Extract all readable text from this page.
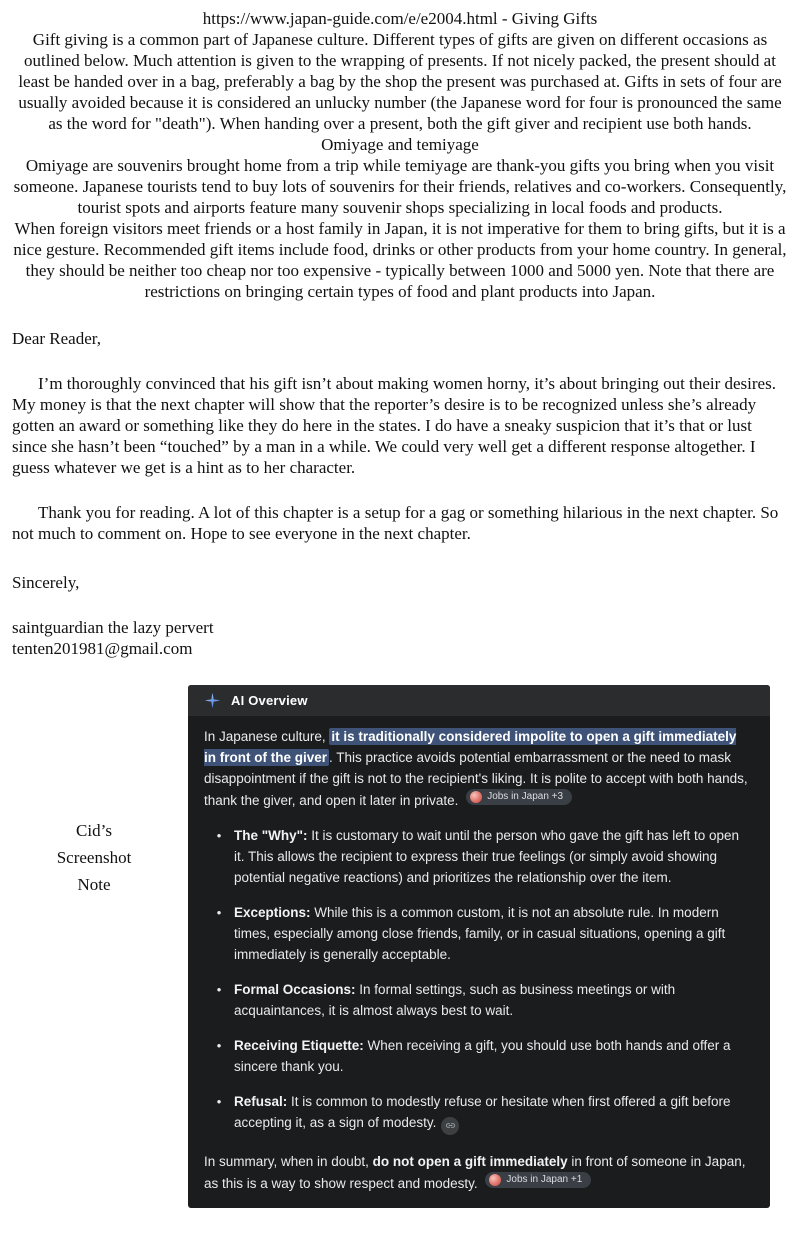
https://www.japan-guide.com/e/e2004.html - Giving Gifts
Gift giving is a common part of Japanese culture. Different types of gifts are given on different occasions as outlined below. Much attention is given to the wrapping of presents. If not nicely packed, the present should at least be handed over in a bag, preferably a bag by the shop the present was purchased at. Gifts in sets of four are usually avoided because it is considered an unlucky number (the Japanese word for four is pronounced the same as the word for "death"). When handing over a present, both the gift giver and recipient use both hands.
Omiyage and temiyage
Omiyage are souvenirs brought home from a trip while temiyage are thank-you gifts you bring when you visit someone. Japanese tourists tend to buy lots of souvenirs for their friends, relatives and co-workers. Consequently, tourist spots and airports feature many souvenir shops specializing in local foods and products.
When foreign visitors meet friends or a host family in Japan, it is not imperative for them to bring gifts, but it is a nice gesture. Recommended gift items include food, drinks or other products from your home country. In general, they should be neither too cheap nor too expensive - typically between 1000 and 5000 yen. Note that there are restrictions on bringing certain types of food and plant products into Japan.
Dear Reader,
I’m thoroughly convinced that his gift isn’t about making women horny, it’s about bringing out their desires. My money is that the next chapter will show that the reporter’s desire is to be recognized unless she’s already gotten an award or something like they do here in the states. I do have a sneaky suspicion that it’s that or lust since she hasn’t been “touched” by a man in a while. We could very well get a different response altogether. I guess whatever we get is a hint as to her character.
Thank you for reading. A lot of this chapter is a setup for a gag or something hilarious in the next chapter. So not much to comment on. Hope to see everyone in the next chapter.
Sincerely,
saintguardian the lazy pervert
tenten201981@gmail.com
Cid’s
Screenshot
Note
AI Overview
In Japanese culture, it is traditionally considered impolite to open a gift immediately in front of the giver . This practice avoids potential embarrassment or the need to mask disappointment if the gift is not to the recipient's liking. It is polite to accept with both hands, thank the giver, and open it later in private.	Jobs in Japan +3
• The "Why": It is customary to wait until the person who gave the gift has left to open it. This allows the recipient to express their true feelings (or simply avoid showing potential negative reactions) and prioritizes the relationship over the item.
• Exceptions: While this is a common custom, it is not an absolute rule. In modern times, especially among close friends, family, or in casual situations, opening a gift immediately is generally acceptable.
• Formal Occasions: In formal settings, such as business meetings or with acquaintances, it is almost always best to wait.
• Receiving Etiquette: When receiving a gift, you should use both hands and offer a sincere thank you.
• Refusal: It is common to modestly refuse or hesitate when first offered a gift before accepting it, as a sign of modesty.
In summary, when in doubt, do not open a gift immediately in front of someone in Japan, as this is a way to show respect and modesty.	Jobs in Japan +1
